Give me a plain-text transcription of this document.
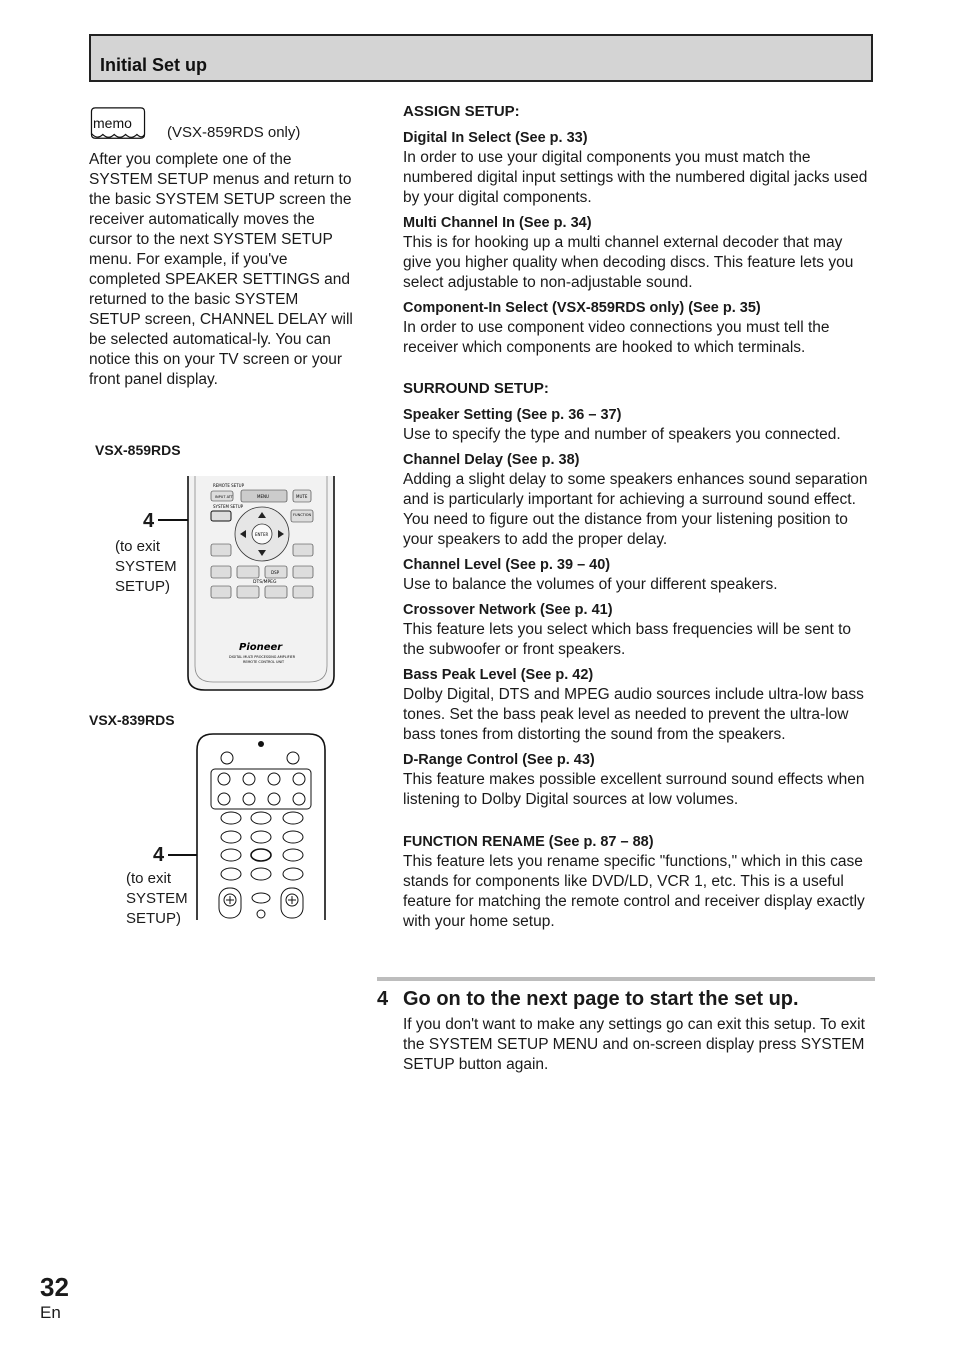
Initial Set up
memo
(VSX-859RDS only)

After you complete one of the SYSTEM SETUP menus and return to the basic SYSTEM SETUP screen the receiver automatically moves the cursor to the next SYSTEM SETUP menu. For example, if you've completed SPEAKER SETTINGS and returned to the basic SYSTEM SETUP screen, CHANNEL DELAY will be selected automatical-ly. You can notice this on your TV screen or your front panel display.

VSX-859RDS
4
(to exit
SYSTEM
SETUP)
REMOTE SETUP
INPUT ATT	MENU	MUTE
SYSTEM SETUP
FUNCTION
ENTER
DSP
DTS/MPEG
Pioneer
DIGITAL MULTI PROCESSING AMPLIFIER
REMOTE CONTROL UNIT
VSX-839RDS
4
(to exit
SYSTEM
SETUP)
ASSIGN SETUP:
Digital In Select (See p. 33)
In order to use your digital components you must match the numbered digital input settings with the numbered digital jacks used by your digital components.
Multi Channel In (See p. 34)
This is for hooking up a multi channel external decoder that may give you higher quality when decoding discs. This feature lets you select adjustable to non-adjustable sound.
Component-In Select (VSX-859RDS only) (See p. 35)
In order to use component video connections you must tell the receiver which components are hooked to which terminals.
SURROUND SETUP:
Speaker Setting (See p. 36 – 37)
Use to specify the type and number of speakers you connected.
Channel Delay (See p. 38)
Adding a slight delay to some speakers enhances sound separation and is particularly important for achieving a surround sound effect. You need to figure out the distance from your listening position to your speakers to add the proper delay.
Channel Level (See p. 39 – 40)
Use to balance the volumes of your different speakers.
Crossover Network (See p. 41)
This feature lets you select which bass frequencies will be sent to the subwoofer or front speakers.
Bass Peak Level (See p. 42)
Dolby Digital, DTS and MPEG audio sources include ultra-low bass tones. Set the bass peak level as needed to prevent the ultra-low bass tones from distorting the sound from the speakers.
D-Range Control (See p. 43)
This feature makes possible excellent surround sound effects when listening to Dolby Digital sources at low volumes.
FUNCTION RENAME (See p. 87 – 88)
This feature lets you rename specific "functions," which in this case stands for components like DVD/LD, VCR 1, etc. This is a useful feature for matching the remote control and receiver display exactly with your home setup.
4 Go on to the next page to start the set up.
If you don't want to make any settings go can exit this setup. To exit the SYSTEM SETUP MENU and on-screen display press SYSTEM SETUP button again.
32
En
